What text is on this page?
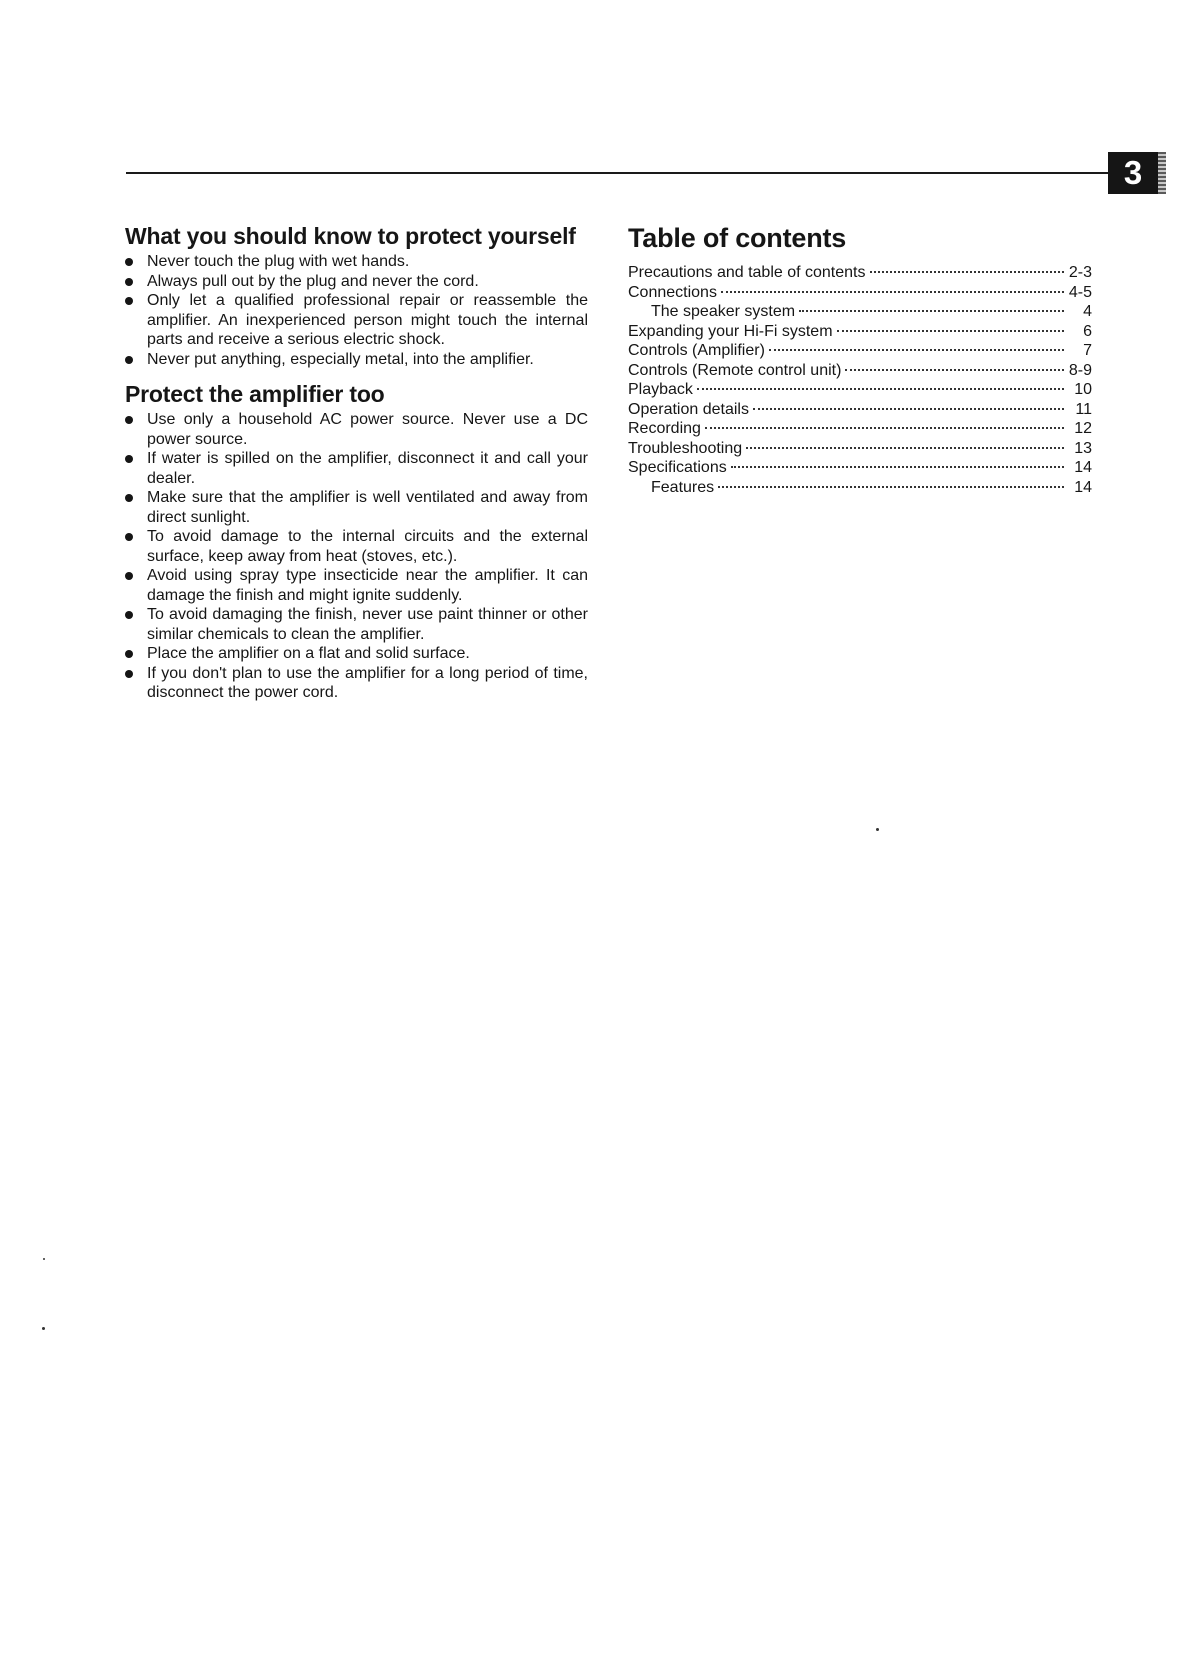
3
What you should know to protect yourself
Never touch the plug with wet hands.
Always pull out by the plug and never the cord.
Only let a qualified professional repair or reassemble the amplifier. An inexperienced person might touch the internal parts and receive a serious electric shock.
Never put anything, especially metal, into the amplifier.
Protect the amplifier too
Use only a household AC power source. Never use a DC power source.
If water is spilled on the amplifier, disconnect it and call your dealer.
Make sure that the amplifier is well ventilated and away from direct sunlight.
To avoid damage to the internal circuits and the external surface, keep away from heat (stoves, etc.).
Avoid using spray type insecticide near the amplifier. It can damage the finish and might ignite suddenly.
To avoid damaging the finish, never use paint thinner or other similar chemicals to clean the amplifier.
Place the amplifier on a flat and solid surface.
If you don't plan to use the amplifier for a long period of time, disconnect the power cord.
Table of contents
Precautions and table of contents	2-3
Connections	4-5
The speaker system	4
Expanding your Hi-Fi system	6
Controls (Amplifier)	7
Controls (Remote control unit)	8-9
Playback	10
Operation details	11
Recording	12
Troubleshooting	13
Specifications	14
Features	14
